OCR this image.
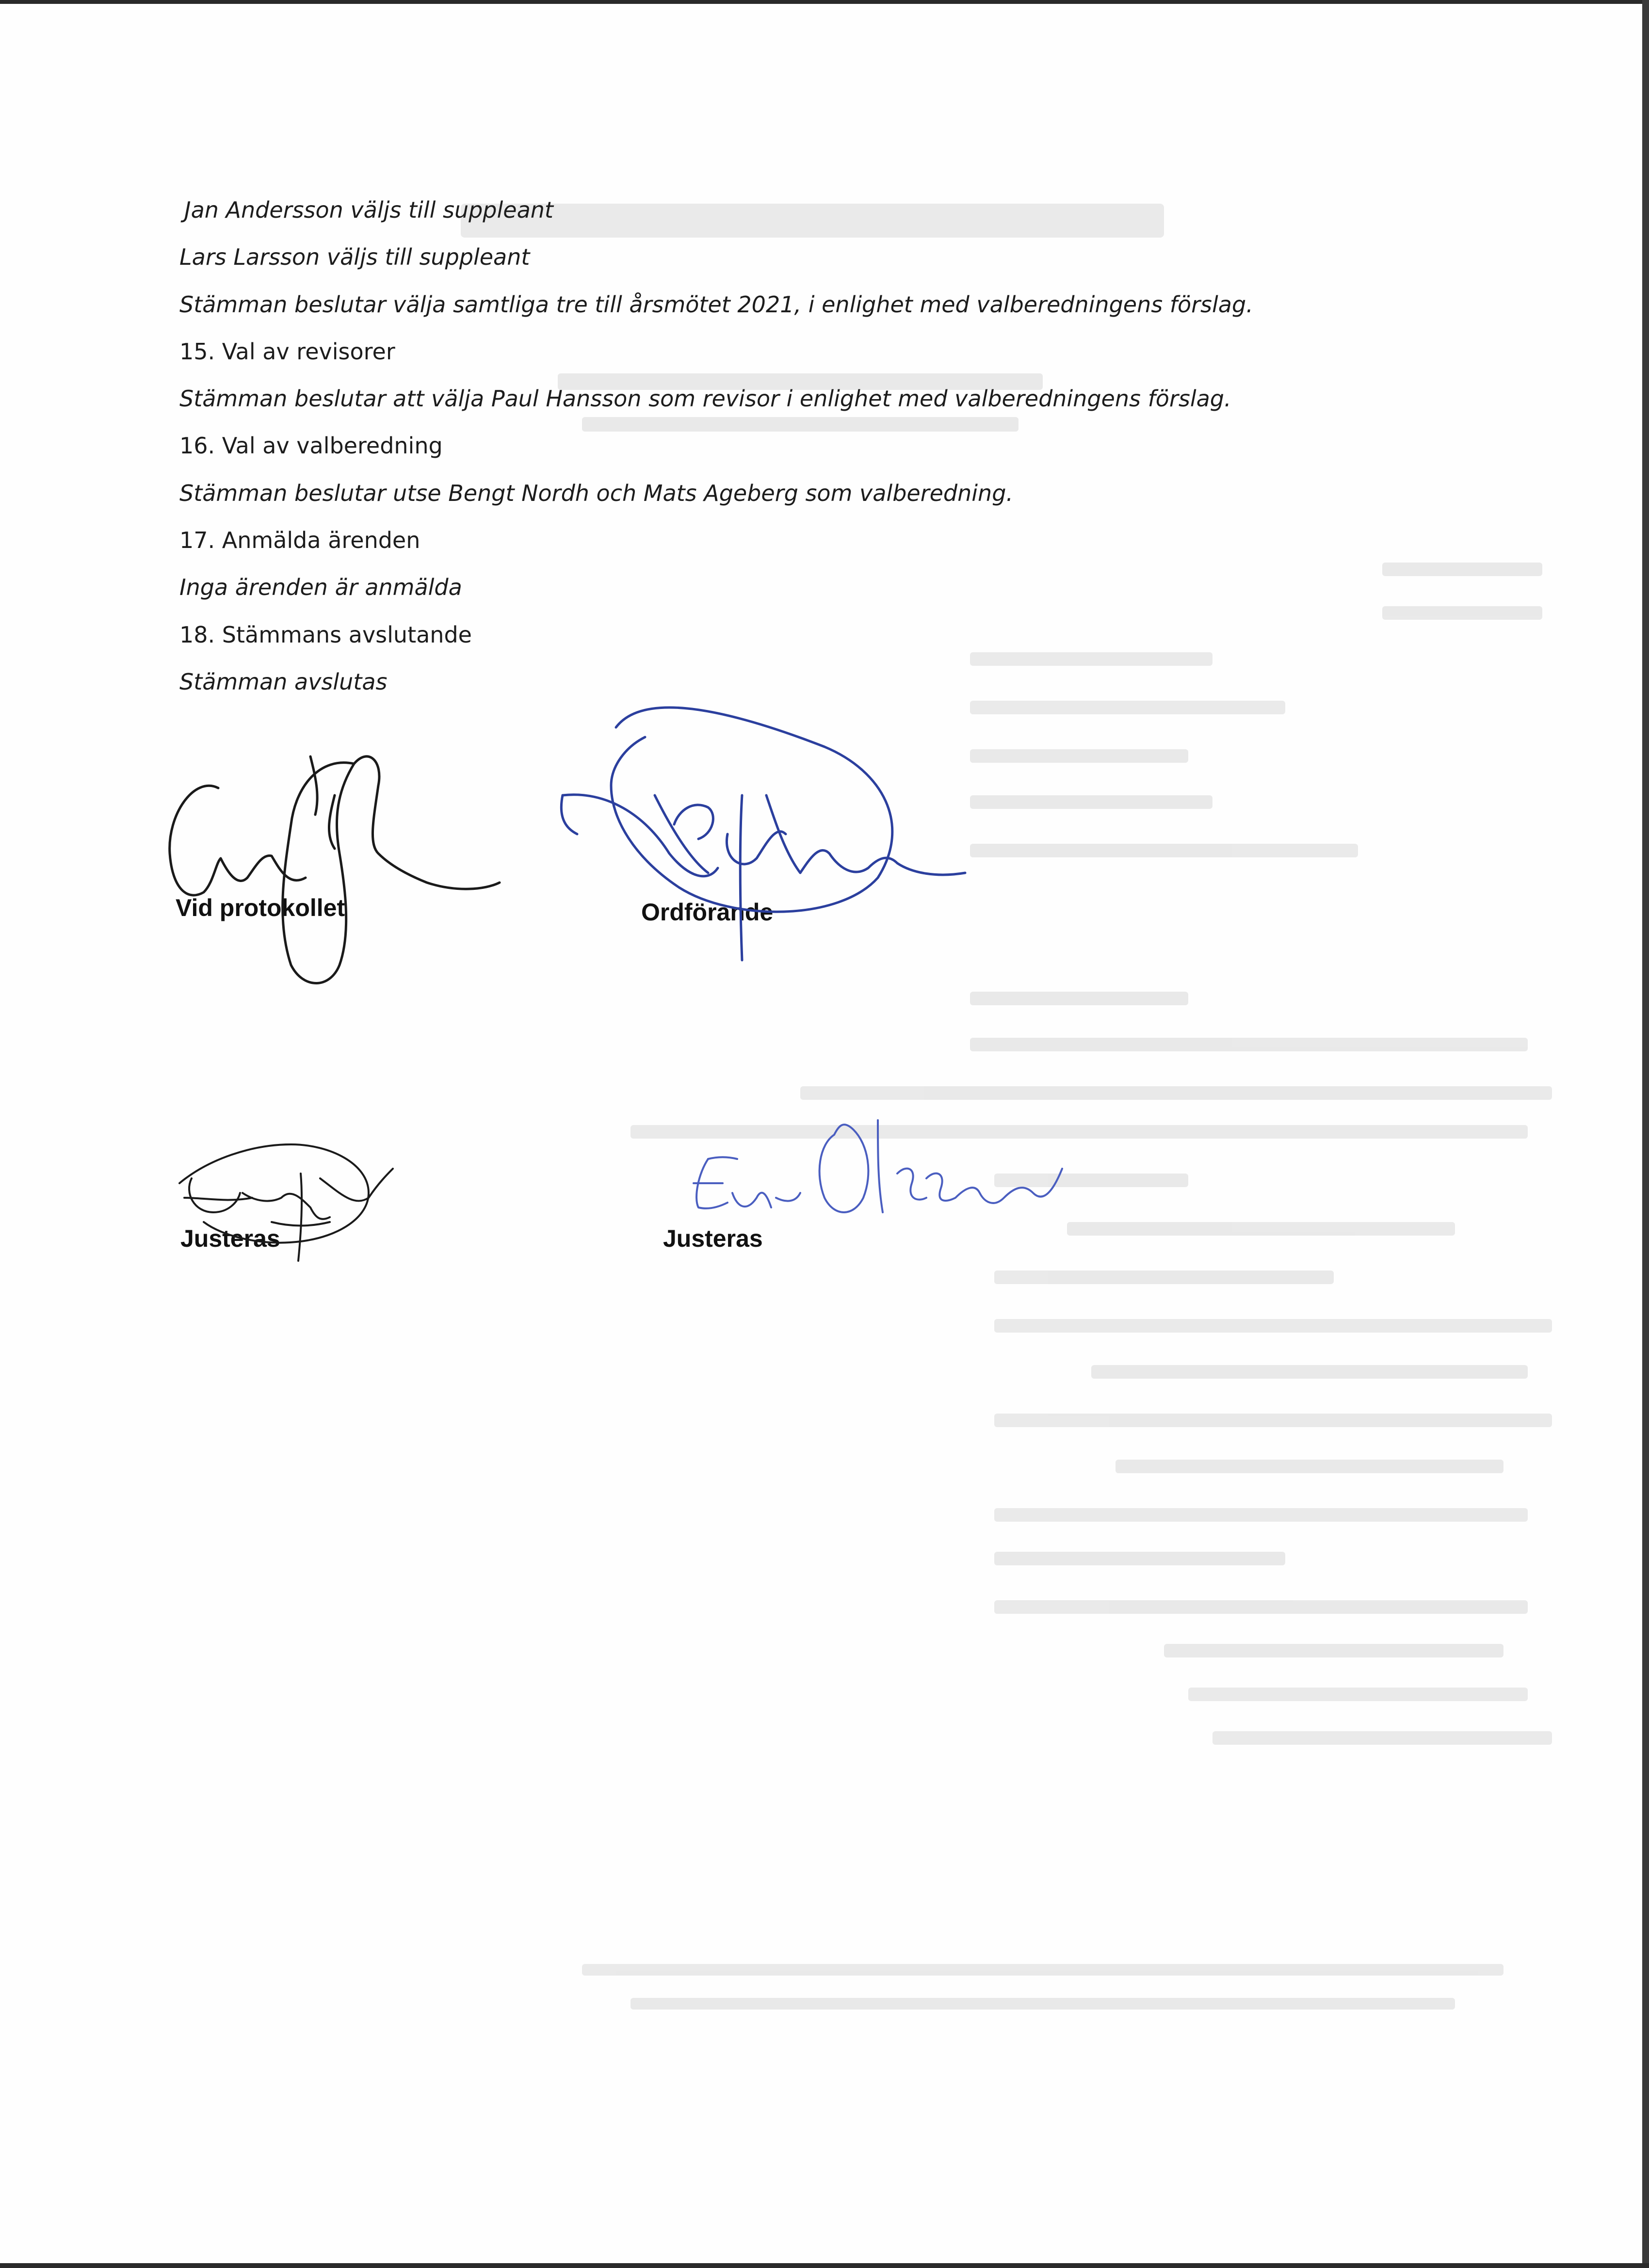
Jan Andersson väljs till suppleant
Lars Larsson väljs till suppleant
Stämman beslutar välja samtliga tre till årsmötet 2021, i enlighet med valberedningens förslag.
15. Val av revisorer
Stämman beslutar att välja Paul Hansson som revisor i enlighet med valberedningens förslag.
16. Val av valberedning
Stämman beslutar utse Bengt Nordh och Mats Ageberg som valberedning.
17. Anmälda ärenden
Inga ärenden är anmälda
18. Stämmans avslutande
Stämman avslutas
Vid protokollet	Ordförande
Justeras	Justeras
